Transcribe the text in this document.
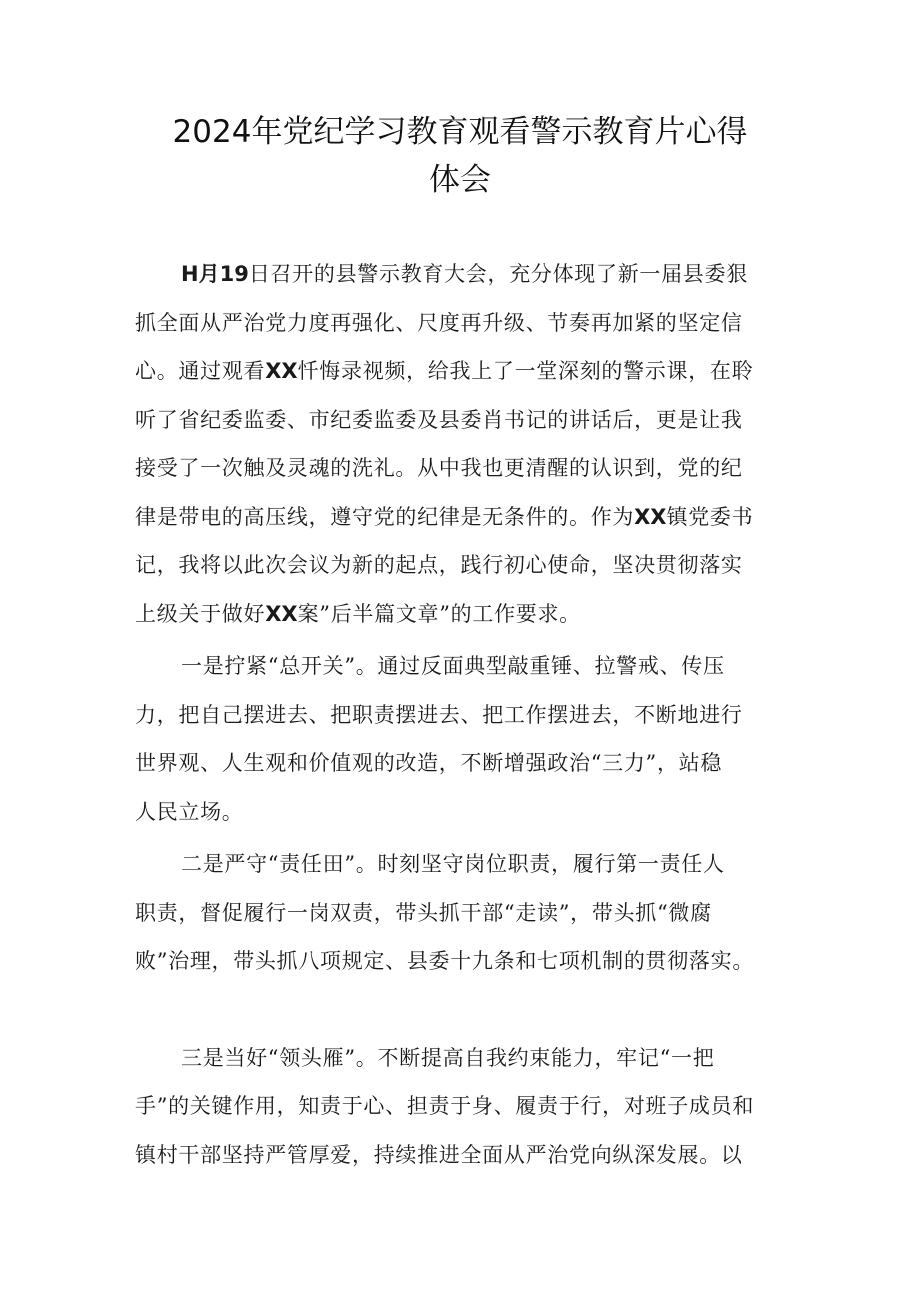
2024年党纪学习教育观看警示教育片心得
体会
H月19日召开的县警示教育大会，充分体现了新一届县委狠
抓全面从严治党力度再强化、尺度再升级、节奏再加紧的坚定信
心。通过观看XX忏悔录视频，给我上了一堂深刻的警示课，在聆
听了省纪委监委、市纪委监委及县委肖书记的讲话后，更是让我
接受了一次触及灵魂的洗礼。从中我也更清醒的认识到，党的纪
律是带电的高压线，遵守党的纪律是无条件的。作为XX镇党委书
记，我将以此次会议为新的起点，践行初心使命，坚决贯彻落实
上级关于做好XX案”后半篇文章”的工作要求。
一是拧紧“总开关”。通过反面典型敲重锤、拉警戒、传压
力，把自己摆进去、把职责摆进去、把工作摆进去，不断地进行
世界观、人生观和价值观的改造，不断增强政治“三力”，站稳
人民立场。
二是严守“责任田”。时刻坚守岗位职责，履行第一责任人
职责，督促履行一岗双责，带头抓干部“走读”，带头抓“微腐
败”治理，带头抓八项规定、县委十九条和七项机制的贯彻落实。
三是当好“领头雁”。不断提高自我约束能力，牢记“一把
手”的关键作用，知责于心、担责于身、履责于行，对班子成员和
镇村干部坚持严管厚爱，持续推进全面从严治党向纵深发展。以
